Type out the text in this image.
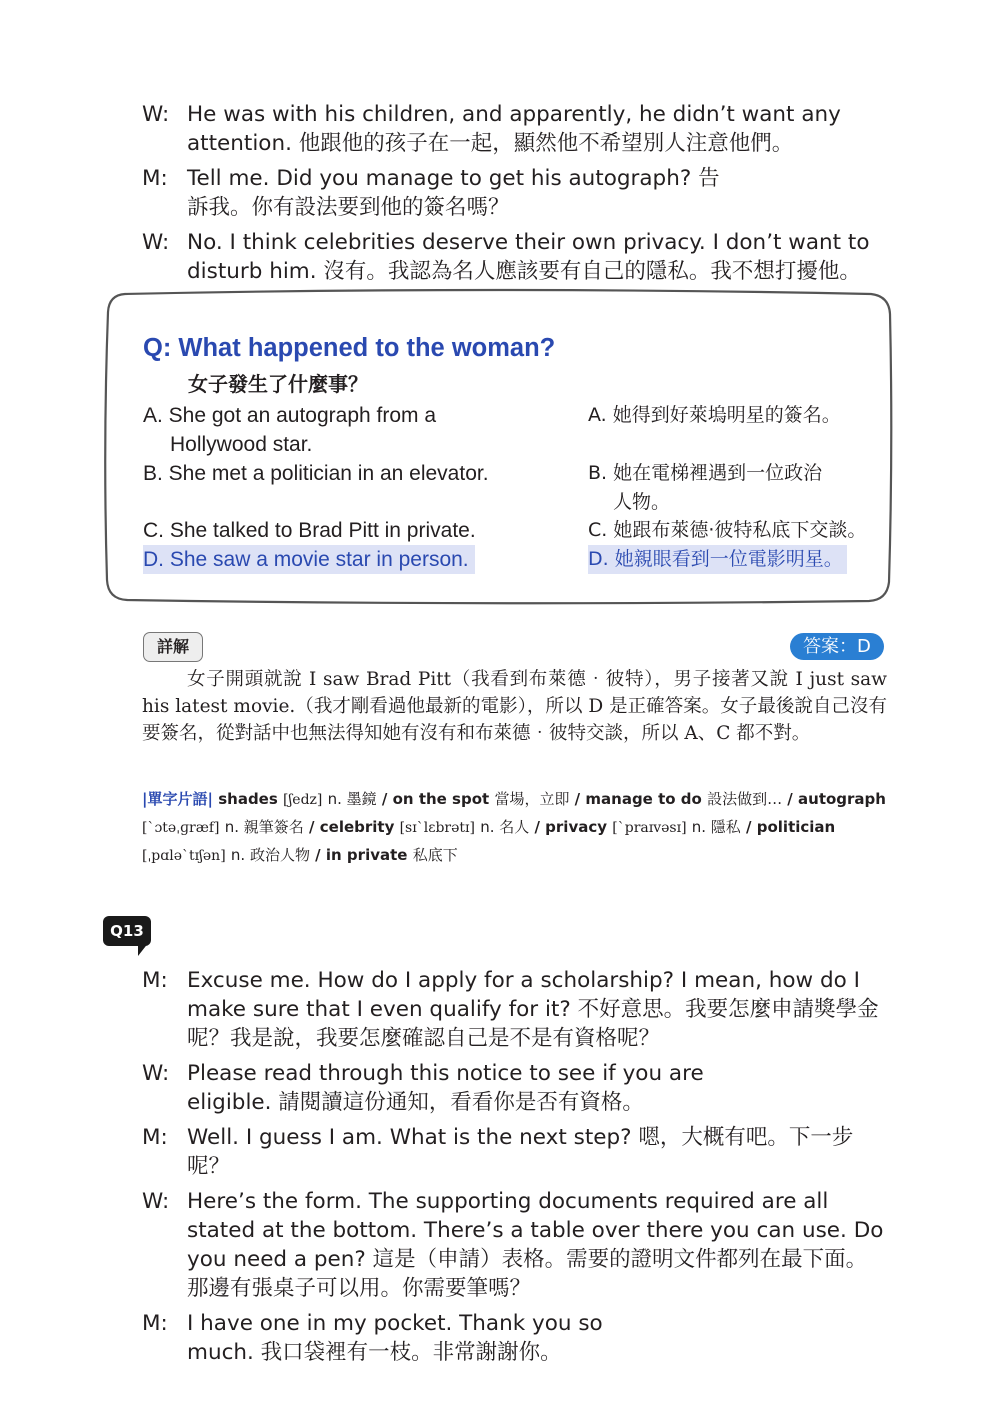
W: He was with his children, and apparently, he didn’t want any attention. 他跟他的孩子在一起，顯然他不希望別人注意他們。
M: Tell me. Did you manage to get his autograph? 告訴我。你有設法要到他的簽名嗎？
W: No. I think celebrities deserve their own privacy. I don’t want to disturb him. 沒有。我認為名人應該要有自己的隱私。我不想打擾他。
Q: What happened to the woman?
女子發生了什麼事？
A. She got an autograph from a
Hollywood star.
B. She met a politician in an elevator.
C. She talked to Brad Pitt in private.
D. She saw a movie star in person.
A. 她得到好萊塢明星的簽名。
B. 她在電梯裡遇到一位政治
人物。
C. 她跟布萊德‧彼特私底下交談。
D. 她親眼看到一位電影明星。
詳解	答案：D
女子開頭就說 I saw Brad Pitt（我看到布萊德‧彼特），男子接著又說 I just saw his latest movie.（我才剛看過他最新的電影），所以 D 是正確答案。女子最後說自己沒有要簽名，從對話中也無法得知她有沒有和布萊德‧彼特交談，所以 A、C 都不對。
|單字片語| shades [ʃedz] n. 墨鏡 / on the spot 當場，立即 / manage to do 設法做到… / autograph [ˋɔtəˌɡræf] n. 親筆簽名 / celebrity [sɪˋlɛbrətɪ] n. 名人 / privacy [ˋpraɪvəsɪ] n. 隱私 / politician [ˌpɑləˋtɪʃən] n. 政治人物 / in private 私底下
Q13
M: Excuse me. How do I apply for a scholarship? I mean, how do I make sure that I even qualify for it? 不好意思。我要怎麼申請獎學金呢？我是說，我要怎麼確認自己是不是有資格呢？
W: Please read through this notice to see if you are eligible. 請閱讀這份通知，看看你是否有資格。
M: Well. I guess I am. What is the next step? 嗯，大概有吧。下一步呢？
W: Here’s the form. The supporting documents required are all stated at the bottom. There’s a table over there you can use. Do you need a pen? 這是（申請）表格。需要的證明文件都列在最下面。那邊有張桌子可以用。你需要筆嗎？
M: I have one in my pocket. Thank you so much. 我口袋裡有一枝。非常謝謝你。
